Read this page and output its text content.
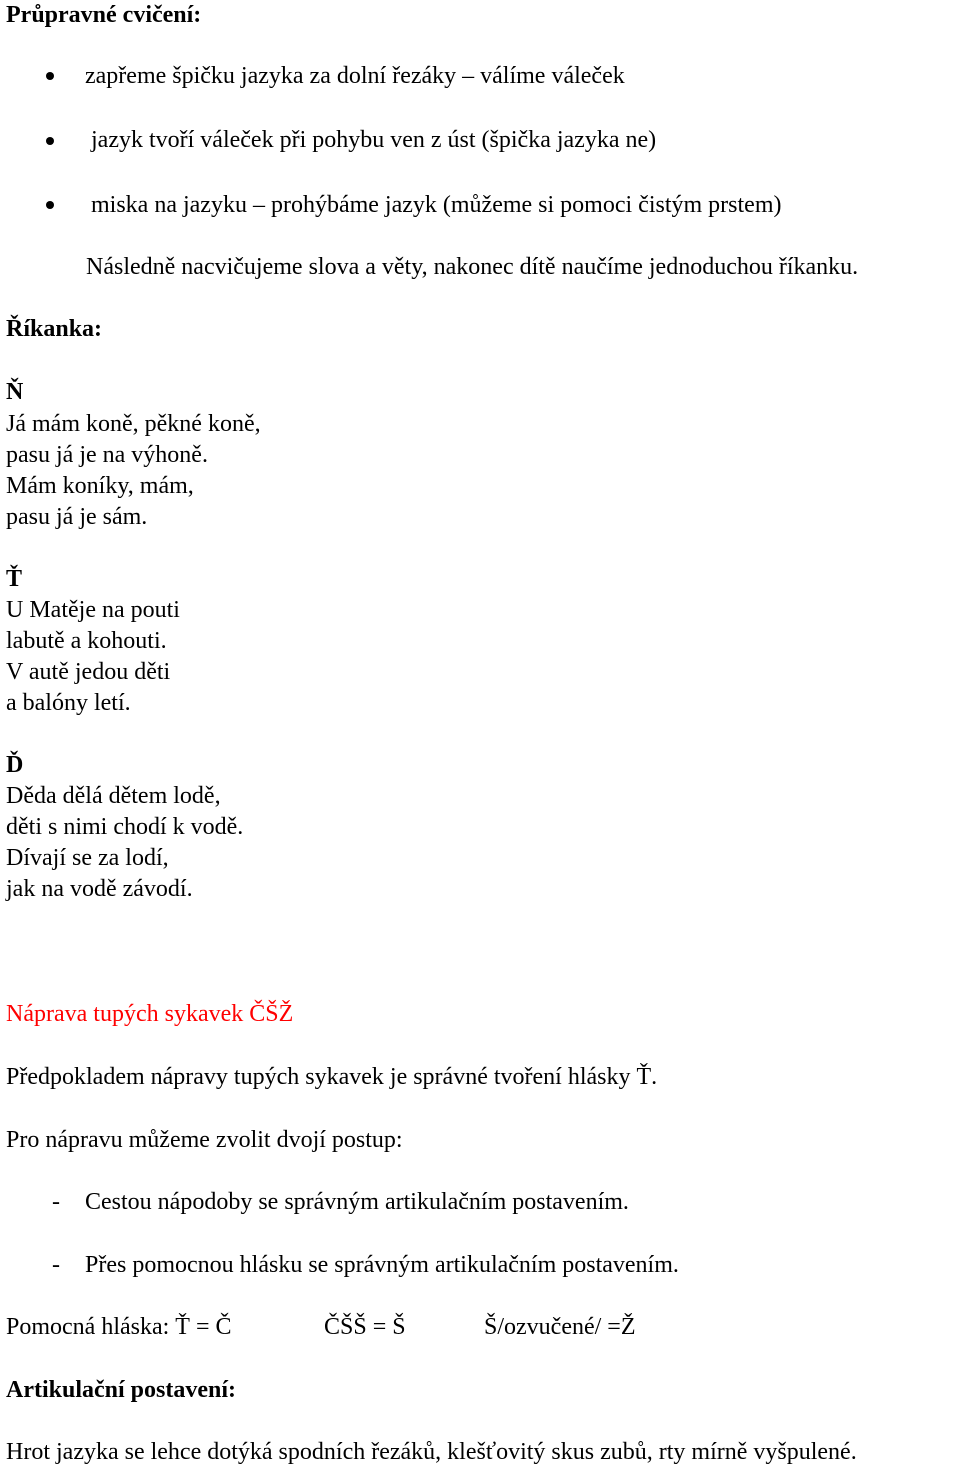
Průpravné cvičení:
zapřeme špičku jazyka za dolní řezáky – válíme váleček
jazyk tvoří váleček při pohybu ven z úst (špička jazyka ne)
miska na jazyku – prohýbáme jazyk (můžeme si pomoci čistým prstem)
Následně nacvičujeme slova a věty, nakonec dítě naučíme jednoduchou říkanku.
Říkanka:
Ň
Já mám koně, pěkné koně,
pasu já je na výhoně.
Mám koníky, mám,
pasu já je sám.
Ť
U Matěje na pouti
labutě a kohouti.
V autě jedou děti
a balóny letí.
Ď
Děda dělá dětem lodě,
děti s nimi chodí k vodě.
Dívají se za lodí,
jak na vodě závodí.
Náprava tupých sykavek ČŠŽ
Předpokladem nápravy tupých sykavek je správné tvoření hlásky Ť.
Pro nápravu můžeme zvolit dvojí postup:
- Cestou nápodoby se správným artikulačním postavením.
- Přes pomocnou hlásku se správným artikulačním postavením.
Pomocná hláska: Ť = Č	ČŠŠ = Š	Š/ozvučené/ =Ž
Artikulační postavení:
Hrot jazyka se lehce dotýká spodních řezáků, klešťovitý skus zubů, rty mírně vyšpulené.
